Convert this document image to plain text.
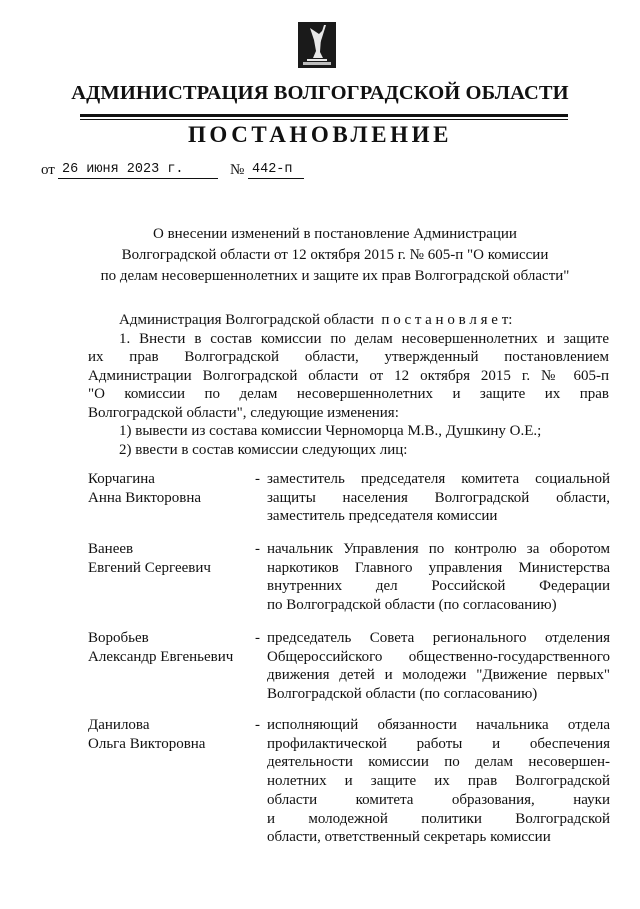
АДМИНИСТРАЦИЯ ВОЛГОГРАДСКОЙ ОБЛАСТИ
ПОСТАНОВЛЕНИЕ
от 26 июня 2023 г.	№ 442-п
О внесении изменений в постановление Администрации
Волгоградской области от 12 октября 2015 г. № 605-п "О комиссии
по делам несовершеннолетних и защите их прав Волгоградской области"

Администрация Волгоградской области  п о с т а н о в л я е т:

1. Внести в состав комиссии по делам несовершеннолетних и защите

их прав Волгоградской области, утвержденный постановлением

Администрации Волгоградской области от 12 октября 2015 г. № 605-п

"О комиссии по делам несовершеннолетних и защите их прав

Волгоградской области", следующие изменения:

1) вывести из состава комиссии Черноморца М.В., Душкину О.Е.;

2) ввести в состав комиссии следующих лиц:

Корчагина
Анна Викторовна
- заместитель председателя комитета социальной
защиты населения Волгоградской области,
заместитель председателя комиссии
Ванеев
Евгений Сергеевич
- начальник Управления по контролю за оборотом
наркотиков Главного управления Министерства
внутренних дел Российской Федерации
по Волгоградской области (по согласованию)
Воробьев
Александр Евгеньевич
- председатель Совета регионального отделения
Общероссийского общественно-государственного
движения детей и молодежи "Движение первых"
Волгоградской области (по согласованию)
Данилова
Ольга Викторовна
- исполняющий обязанности начальника отдела
профилактической работы и обеспечения
деятельности комиссии по делам несовершен-
нолетних и защите их прав Волгоградской
области комитета образования, науки
и молодежной политики Волгоградской
области, ответственный секретарь комиссии
